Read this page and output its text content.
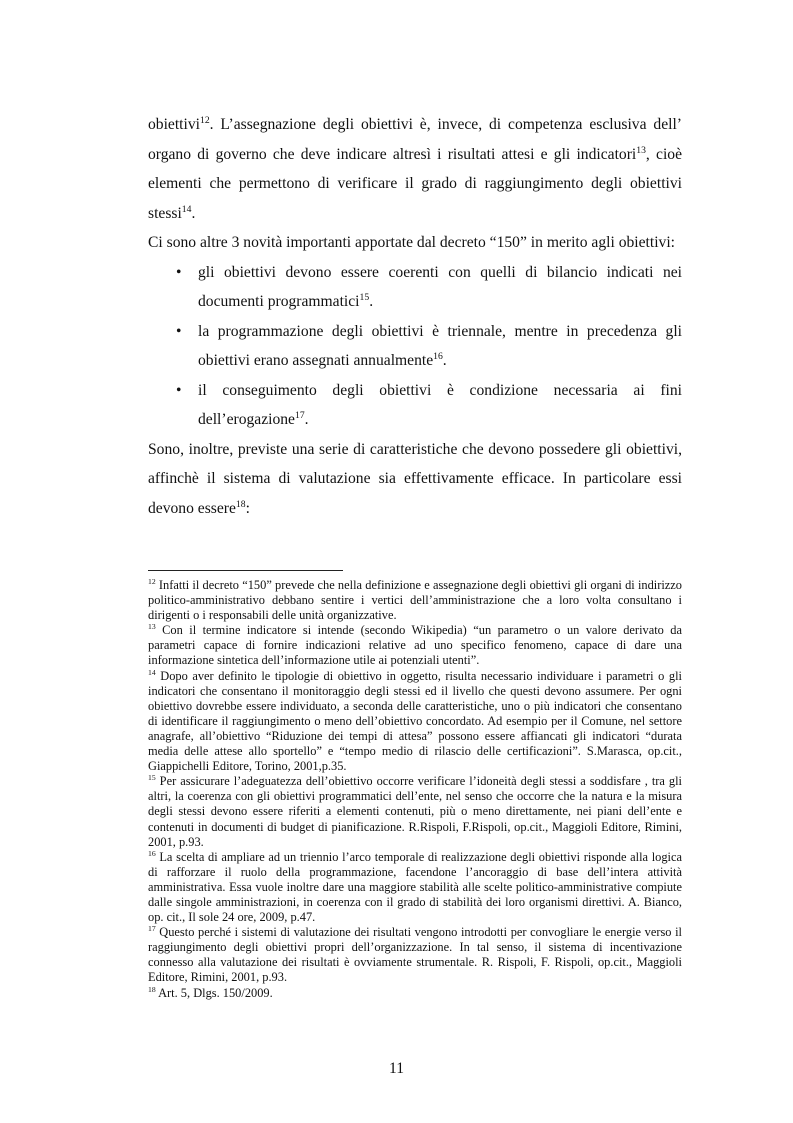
obiettivi$^{12}$. L’assegnazione degli obiettivi è, invece, di competenza esclusiva dell’ organo di governo che deve indicare altresì i risultati attesi e gli indicatori$^{13}$, cioè elementi che permettono di verificare il grado di raggiungimento degli obiettivi stessi$^{14}$.

Ci sono altre 3 novità importanti apportate dal decreto “150” in merito agli obiettivi:

• gli obiettivi devono essere coerenti con quelli di bilancio indicati nei documenti programmatici$^{15}$.
• la programmazione degli obiettivi è triennale, mentre in precedenza gli obiettivi erano assegnati annualmente$^{16}$.
• il conseguimento degli obiettivi è condizione necessaria ai fini dell’erogazione$^{17}$.

Sono, inoltre, previste una serie di caratteristiche che devono possedere gli obiettivi, affinchè il sistema di valutazione sia effettivamente efficace. In particolare essi devono essere$^{18}$:

$^{12}$ Infatti il decreto “150” prevede che nella definizione e assegnazione degli obiettivi gli organi di indirizzo politico-amministrativo debbano sentire i vertici dell’amministrazione che a loro volta consultano i dirigenti o i responsabili delle unità organizzative.

$^{13}$ Con il termine indicatore si intende (secondo Wikipedia) “un parametro o un valore derivato da parametri capace di fornire indicazioni relative ad uno specifico fenomeno, capace di dare una informazione sintetica dell’informazione utile ai potenziali utenti”.

$^{14}$ Dopo aver definito le tipologie di obiettivo in oggetto, risulta necessario individuare i parametri o gli indicatori che consentano il monitoraggio degli stessi ed il livello che questi devono assumere. Per ogni obiettivo dovrebbe essere individuato, a seconda delle caratteristiche, uno o più indicatori che consentano di identificare il raggiungimento o meno dell’obiettivo concordato. Ad esempio per il Comune, nel settore anagrafe, all’obiettivo “Riduzione dei tempi di attesa” possono essere affiancati gli indicatori “durata media delle attese allo sportello” e “tempo medio di rilascio delle certificazioni”. S.Marasca, op.cit., Giappichelli Editore, Torino, 2001,p.35.

$^{15}$ Per assicurare l’adeguatezza dell’obiettivo occorre verificare l’idoneità degli stessi a soddisfare , tra gli altri, la coerenza con gli obiettivi programmatici dell’ente, nel senso che occorre che la natura e la misura degli stessi devono essere riferiti a elementi contenuti, più o meno direttamente, nei piani dell’ente e contenuti in documenti di budget di pianificazione. R.Rispoli, F.Rispoli, op.cit., Maggioli Editore, Rimini, 2001, p.93.

$^{16}$ La scelta di ampliare ad un triennio l’arco temporale di realizzazione degli obiettivi risponde alla logica di rafforzare il ruolo della programmazione, facendone l’ancoraggio di base dell’intera attività amministrativa. Essa vuole inoltre dare una maggiore stabilità alle scelte politico-amministrative compiute dalle singole amministrazioni, in coerenza con il grado di stabilità dei loro organismi direttivi. A. Bianco, op. cit., Il sole 24 ore, 2009, p.47.

$^{17}$ Questo perché i sistemi di valutazione dei risultati vengono introdotti per convogliare le energie verso il raggiungimento degli obiettivi propri dell’organizzazione. In tal senso, il sistema di incentivazione connesso alla valutazione dei risultati è ovviamente strumentale. R. Rispoli, F. Rispoli, op.cit., Maggioli Editore, Rimini, 2001, p.93.

$^{18}$ Art. 5, Dlgs. 150/2009.

11
